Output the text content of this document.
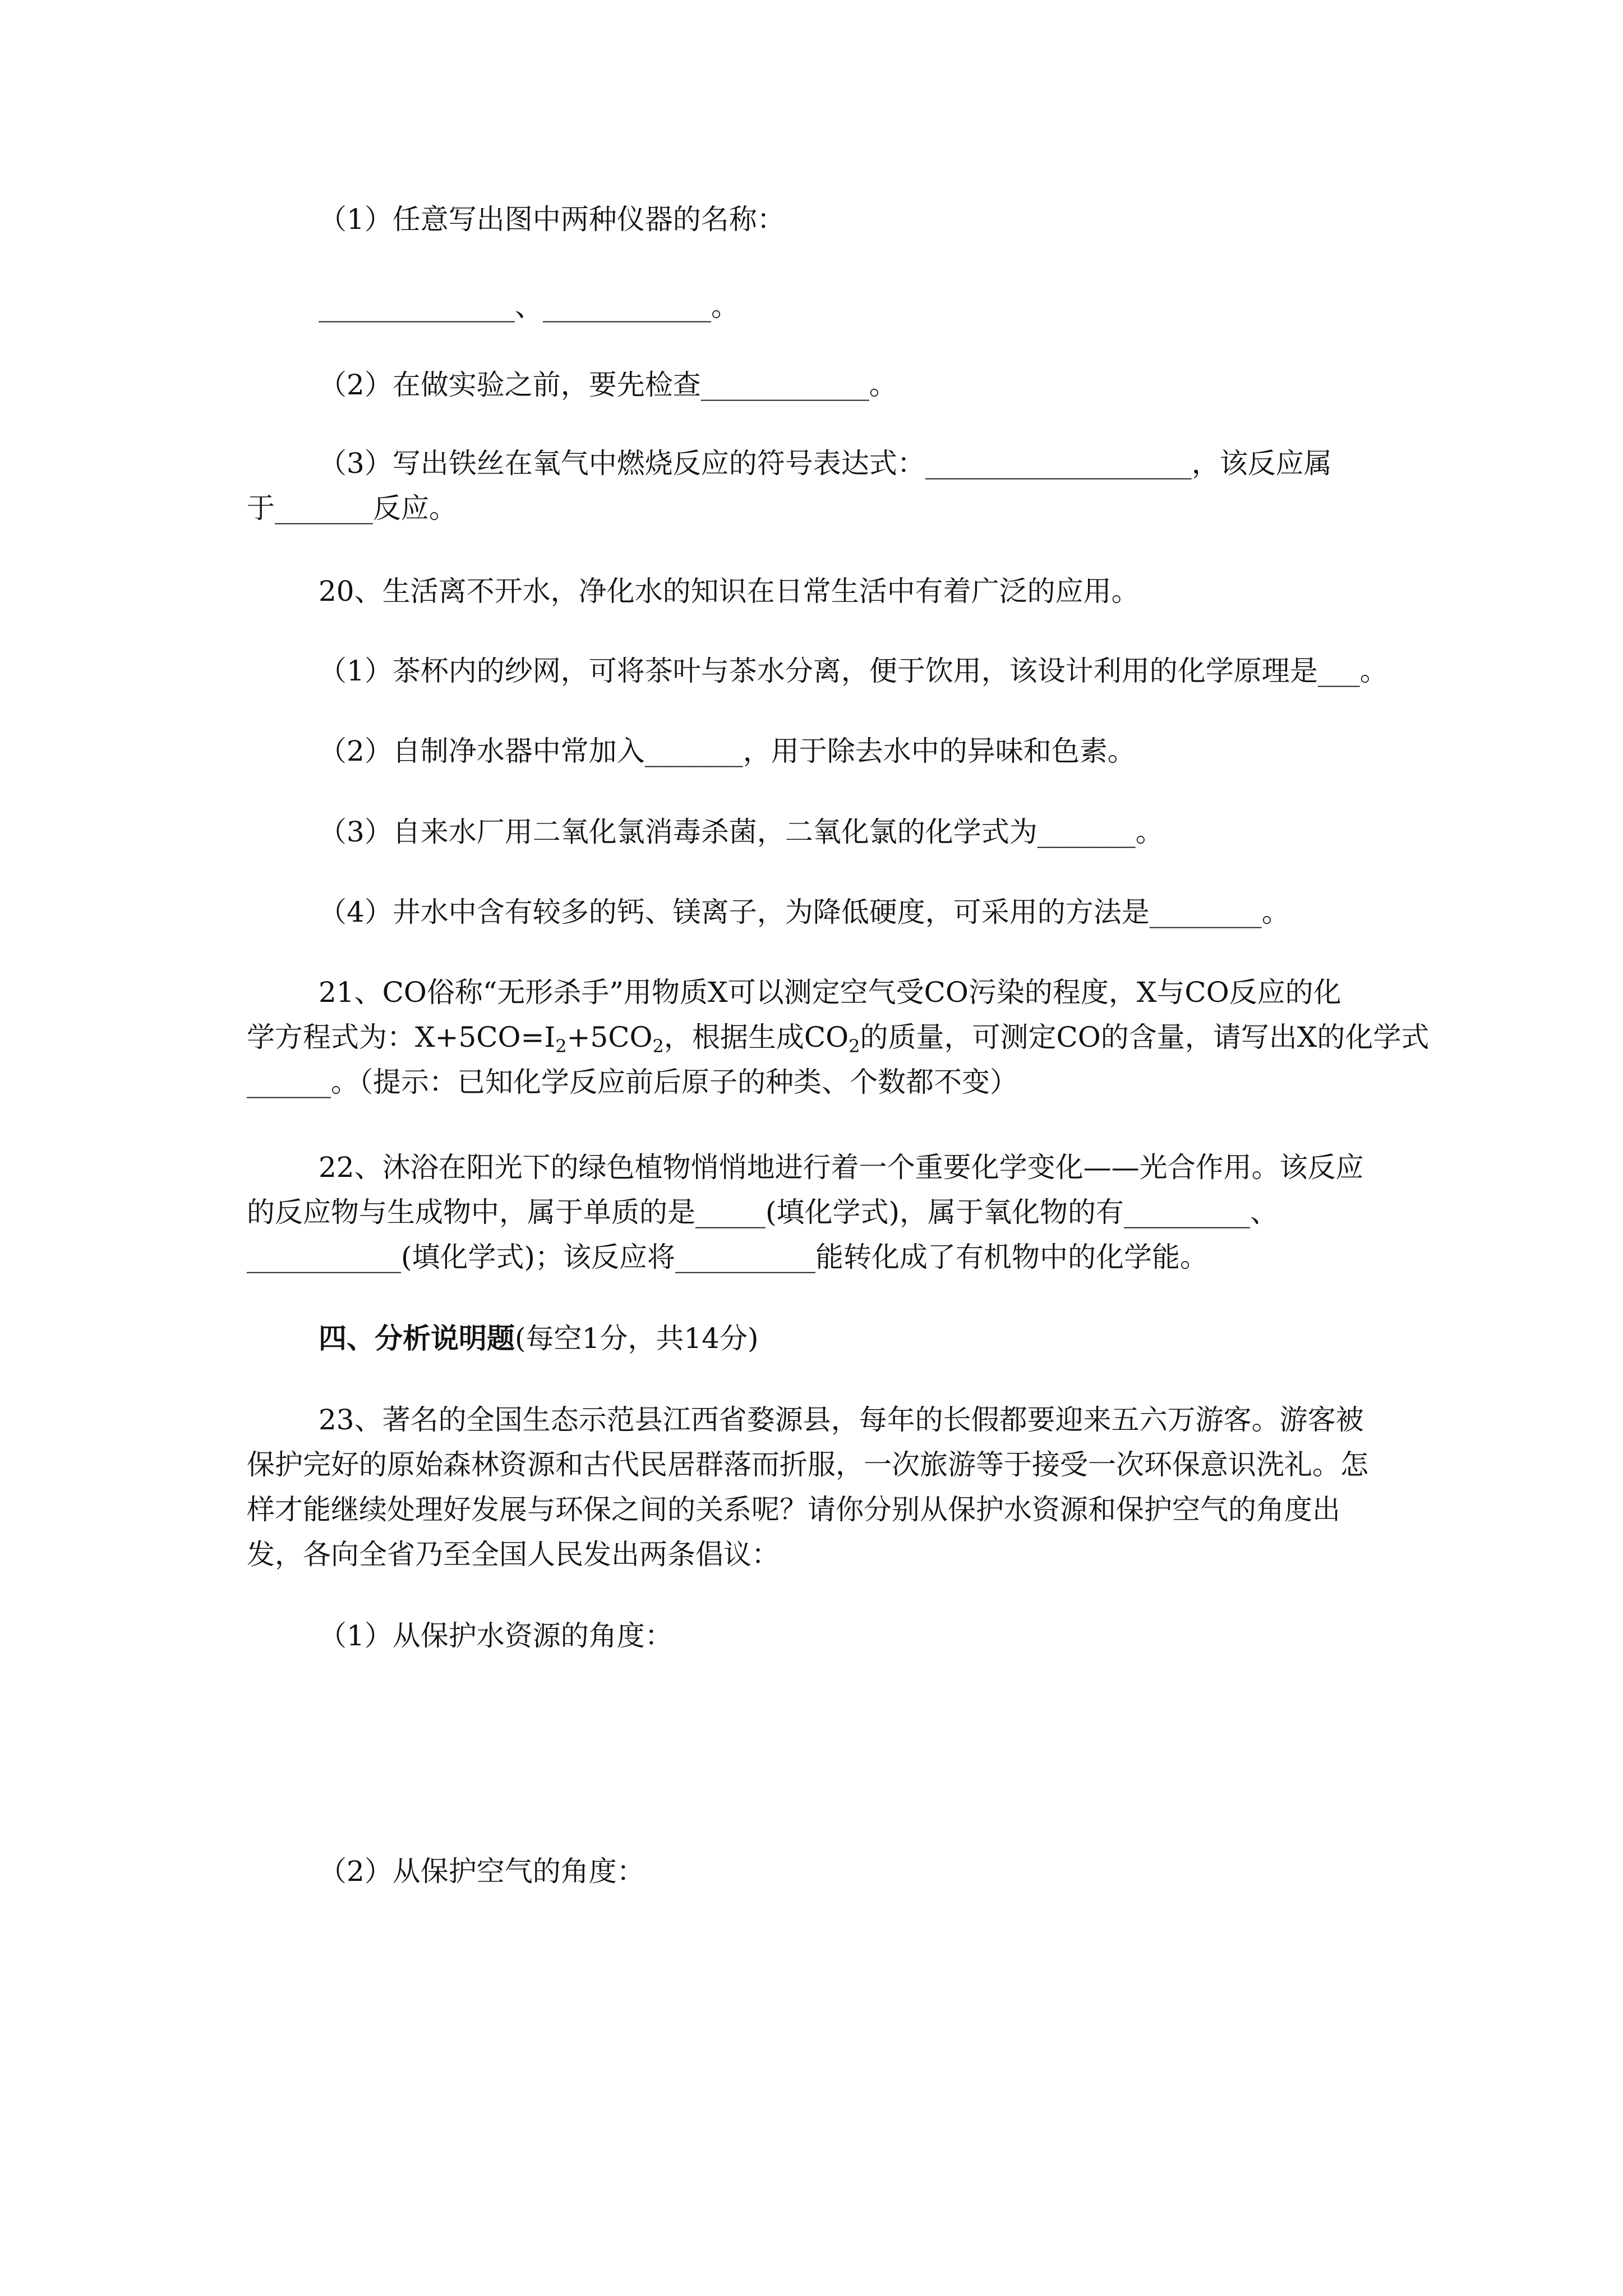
（1）任意写出图中两种仪器的名称：
______________、____________。
（2）在做实验之前，要先检查____________。
（3）写出铁丝在氧气中燃烧反应的符号表达式：___________________，该反应属
于_______反应。
20、生活离不开水，净化水的知识在日常生活中有着广泛的应用。
（1）茶杯内的纱网，可将茶叶与茶水分离，便于饮用，该设计利用的化学原理是___。
（2）自制净水器中常加入_______，用于除去水中的异味和色素。
（3）自来水厂用二氧化氯消毒杀菌，二氧化氯的化学式为_______。
（4）井水中含有较多的钙、镁离子，为降低硬度，可采用的方法是________。
21、CO俗称“无形杀手”用物质X可以测定空气受CO污染的程度，X与CO反应的化
学方程式为：$X+5CO=I_2+5CO_2$，根据生成$CO_2$的质量，可测定CO的含量，请写出X的化学式
______。（提示：已知化学反应前后原子的种类、个数都不变）
22、沐浴在阳光下的绿色植物悄悄地进行着一个重要化学变化——光合作用。该反应
的反应物与生成物中，属于单质的是_____(填化学式)，属于氧化物的有_________、
___________(填化学式)；该反应将__________能转化成了有机物中的化学能。
四、分析说明题(每空1分，共14分)
23、著名的全国生态示范县江西省婺源县，每年的长假都要迎来五六万游客。游客被
保护完好的原始森林资源和古代民居群落而折服，一次旅游等于接受一次环保意识洗礼。怎
样才能继续处理好发展与环保之间的关系呢？请你分别从保护水资源和保护空气的角度出
发，各向全省乃至全国人民发出两条倡议：
（1）从保护水资源的角度：
（2）从保护空气的角度：
